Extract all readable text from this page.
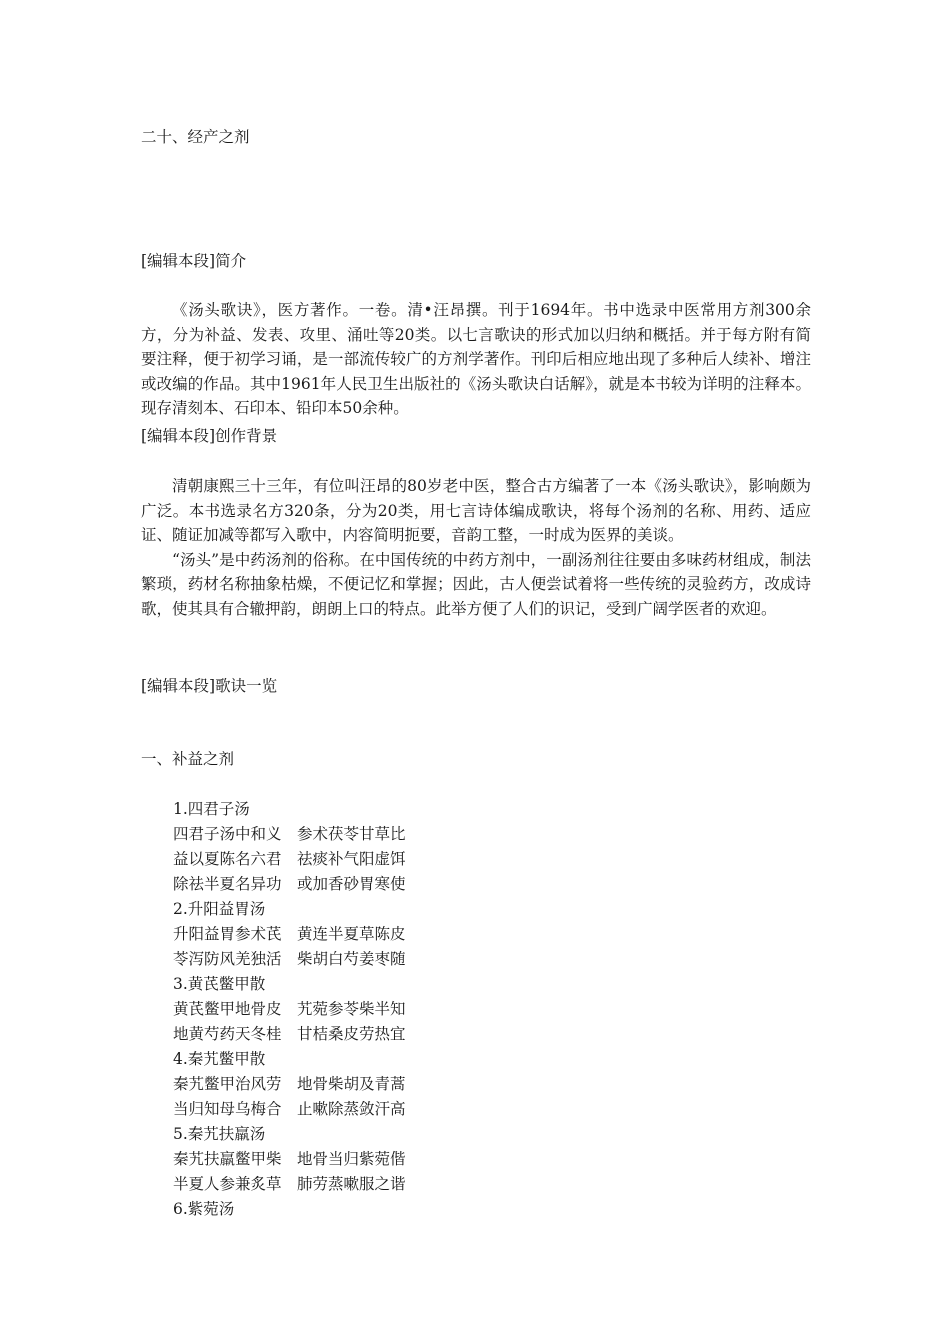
二十、经产之剂
[编辑本段]简介

《汤头歌诀》，医方著作。一卷。清•汪昂撰。刊于1694年。书中选录中医常用方剂300余方，分为补益、发表、攻里、涌吐等20类。以七言歌诀的形式加以归纳和概括。并于每方附有简要注释，便于初学习诵，是一部流传较广的方剂学著作。刊印后相应地出现了多种后人续补、增注或改编的作品。其中1961年人民卫生出版社的《汤头歌诀白话解》，就是本书较为详明的注释本。现存清刻本、石印本、铅印本50余种。

[编辑本段]创作背景

清朝康熙三十三年，有位叫汪昂的80岁老中医，整合古方编著了一本《汤头歌诀》，影响颇为广泛。本书选录名方320条，分为20类，用七言诗体编成歌诀，将每个汤剂的名称、用药、适应证、随证加减等都写入歌中，内容简明扼要，音韵工整，一时成为医界的美谈。

“汤头”是中药汤剂的俗称。在中国传统的中药方剂中，一副汤剂往往要由多味药材组成，制法繁琐，药材名称抽象枯燥，不便记忆和掌握；因此，古人便尝试着将一些传统的灵验药方，改成诗歌，使其具有合辙押韵，朗朗上口的特点。此举方便了人们的识记，受到广阔学医者的欢迎。

[编辑本段]歌诀一览
一、补益之剂
1.四君子汤
四君子汤中和义　参术茯苓甘草比
益以夏陈名六君　祛痰补气阳虚饵
除祛半夏名异功　或加香砂胃寒使
2.升阳益胃汤
升阳益胃参术芪　黄连半夏草陈皮
苓泻防风羌独活　柴胡白芍姜枣随
3.黄芪鳖甲散
黄芪鳖甲地骨皮　艽菀参苓柴半知
地黄芍药天冬桂　甘桔桑皮劳热宜
4.秦艽鳖甲散
秦艽鳖甲治风劳　地骨柴胡及青蒿
当归知母乌梅合　止嗽除蒸敛汗高
5.秦艽扶羸汤
秦艽扶羸鳖甲柴　地骨当归紫菀偕
半夏人参兼炙草　肺劳蒸嗽服之谐
6.紫菀汤
